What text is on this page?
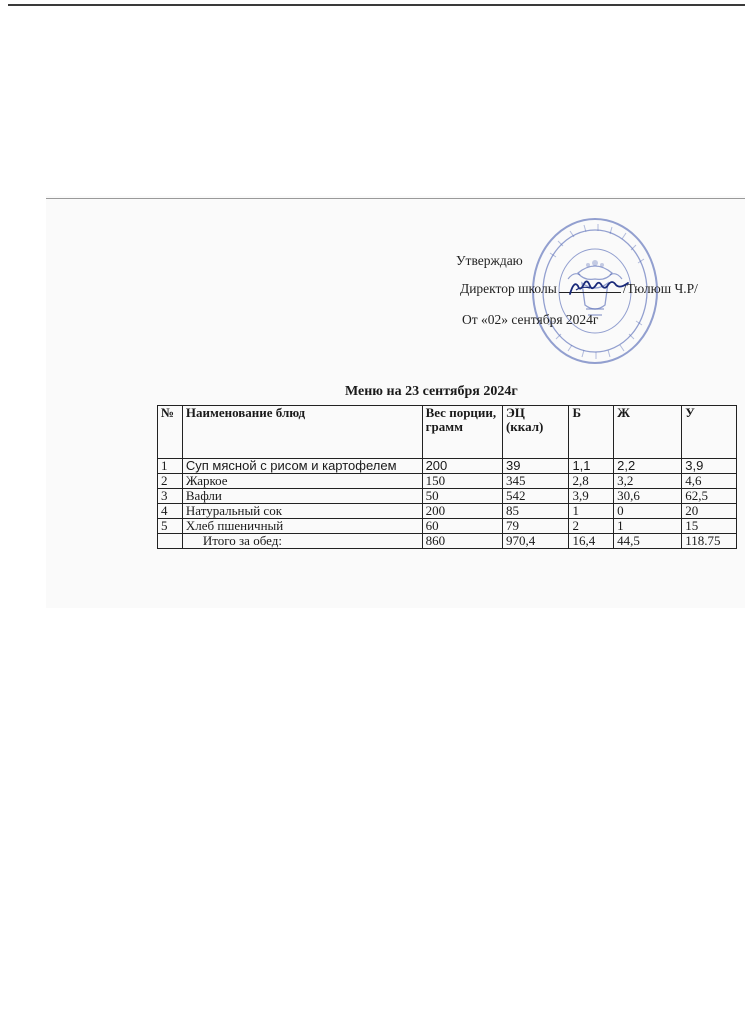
Утверждаю
Директор школы	/Тюлюш Ч.Р/
От «02» сентября 2024г
Меню на 23 сентября 2024г
№	Наименование блюд	Вес порции, грамм	ЭЦ (ккал)	Б	Ж	У
1	Суп мясной с рисом и картофелем	200	39	1,1	2,2	3,9
2	Жаркое	150	345	2,8	3,2	4,6
3	Вафли	50	542	3,9	30,6	62,5
4	Натуральный сок	200	85	1	0	20
5	Хлеб пшеничный	60	79	2	1	15
	Итого за обед:	860	970,4	16,4	44,5	118.75
